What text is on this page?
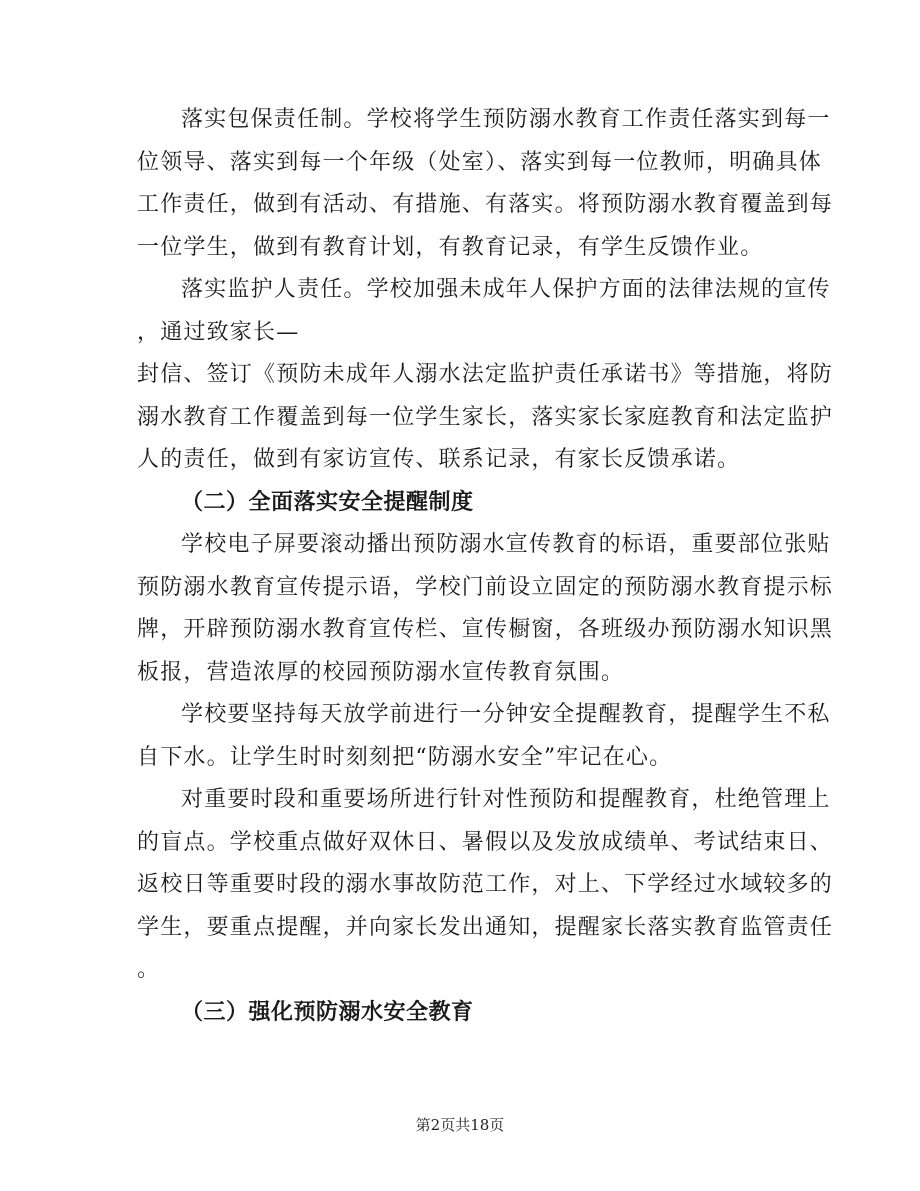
落实包保责任制。学校将学生预防溺水教育工作责任落实到每一
位领导、落实到每一个年级（处室）、落实到每一位教师，明确具体
工作责任，做到有活动、有措施、有落实。将预防溺水教育覆盖到每
一位学生，做到有教育计划，有教育记录，有学生反馈作业。
落实监护人责任。学校加强未成年人保护方面的法律法规的宣传
，通过致家长—
封信、签订《预防未成年人溺水法定监护责任承诺书》等措施，将防
溺水教育工作覆盖到每一位学生家长，落实家长家庭教育和法定监护
人的责任，做到有家访宣传、联系记录，有家长反馈承诺。
（二）全面落实安全提醒制度
学校电子屏要滚动播出预防溺水宣传教育的标语，重要部位张贴
预防溺水教育宣传提示语，学校门前设立固定的预防溺水教育提示标
牌，开辟预防溺水教育宣传栏、宣传橱窗，各班级办预防溺水知识黑
板报，营造浓厚的校园预防溺水宣传教育氛围。
学校要坚持每天放学前进行一分钟安全提醒教育，提醒学生不私
自下水。让学生时时刻刻把“防溺水安全”牢记在心。
对重要时段和重要场所进行针对性预防和提醒教育，杜绝管理上
的盲点。学校重点做好双休日、暑假以及发放成绩单、考试结束日、
返校日等重要时段的溺水事故防范工作，对上、下学经过水域较多的
学生，要重点提醒，并向家长发出通知，提醒家长落实教育监管责任
。
（三）强化预防溺水安全教育
第2页共18页
